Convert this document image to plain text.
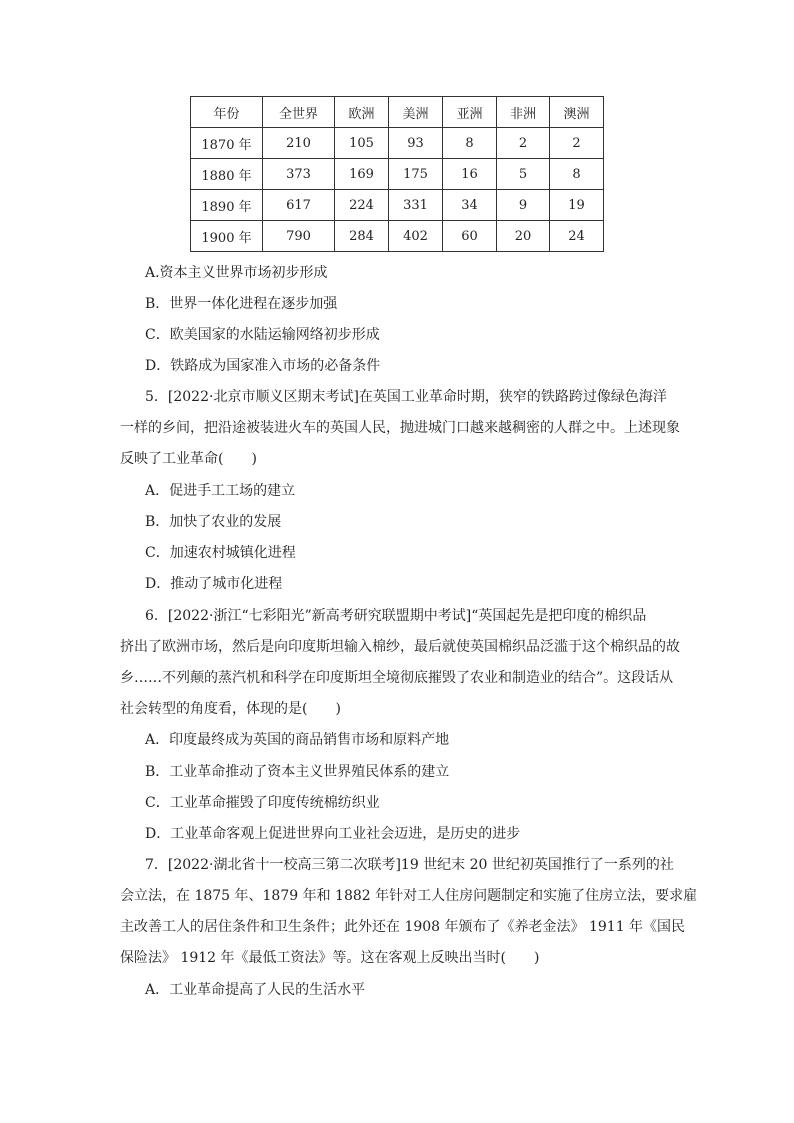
年份	全世界	欧洲	美洲	亚洲	非洲	澳洲
1870 年	210	105	93	8	2	2
1880 年	373	169	175	16	5	8
1890 年	617	224	331	34	9	19
1900 年	790	284	402	60	20	24
A.资本主义世界市场初步形成
B．世界一体化进程在逐步加强
C．欧美国家的水陆运输网络初步形成
D．铁路成为国家准入市场的必备条件
5．[2022·北京市顺义区期末考试]在英国工业革命时期，狭窄的铁路跨过像绿色海洋
一样的乡间，把沿途被装进火车的英国人民，抛进城门口越来越稠密的人群之中。上述现象
反映了工业革命(　　)
A．促进手工工场的建立
B．加快了农业的发展
C．加速农村城镇化进程
D．推动了城市化进程
6．[2022·浙江“七彩阳光”新高考研究联盟期中考试]“英国起先是把印度的棉织品
挤出了欧洲市场，然后是向印度斯坦输入棉纱，最后就使英国棉织品泛滥于这个棉织品的故
乡……不列颠的蒸汽机和科学在印度斯坦全境彻底摧毁了农业和制造业的结合”。这段话从
社会转型的角度看，体现的是(　　)
A．印度最终成为英国的商品销售市场和原料产地
B．工业革命推动了资本主义世界殖民体系的建立
C．工业革命摧毁了印度传统棉纺织业
D．工业革命客观上促进世界向工业社会迈进，是历史的进步
7．[2022·湖北省十一校高三第二次联考]19 世纪末 20 世纪初英国推行了一系列的社
会立法，在 1875 年、1879 年和 1882 年针对工人住房问题制定和实施了住房立法，要求雇
主改善工人的居住条件和卫生条件；此外还在 1908 年颁布了《养老金法》 1911 年《国民
保险法》 1912 年《最低工资法》等。这在客观上反映出当时(　　)
A．工业革命提高了人民的生活水平
